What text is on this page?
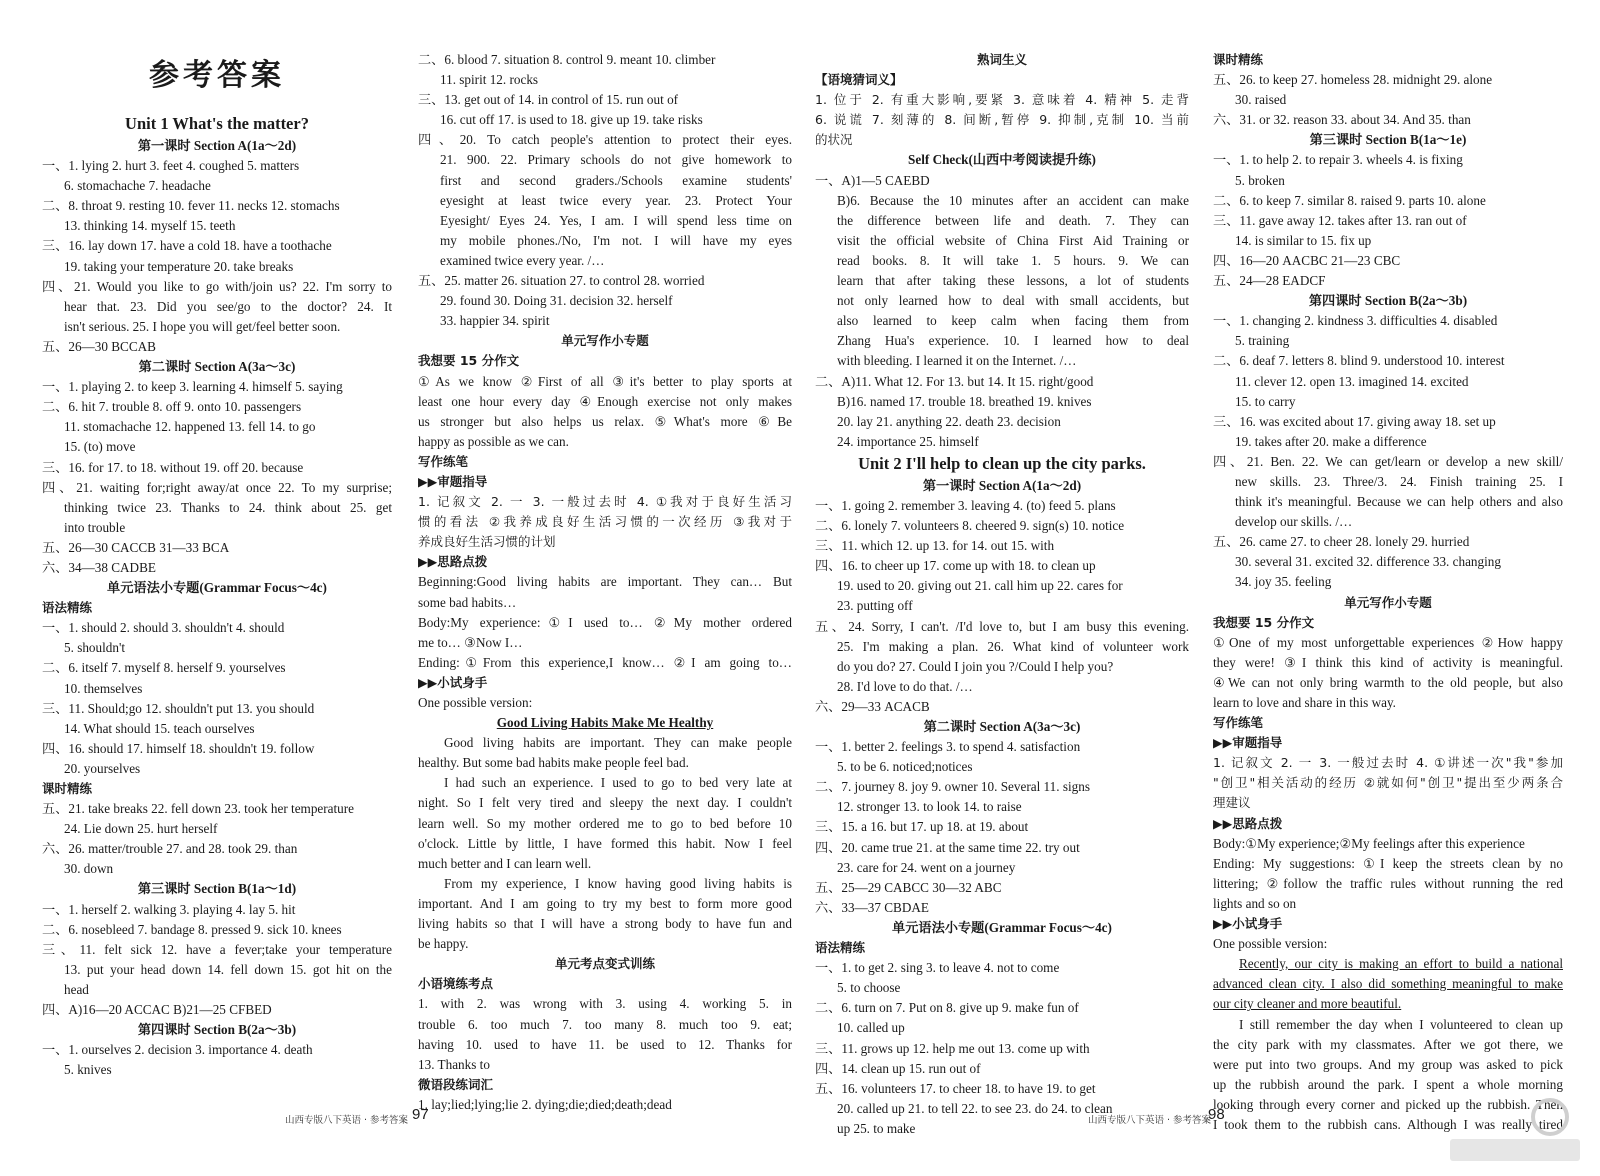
参考答案
Unit 1 What's the matter?
第一课时 Section A(1a～2d)
一、1. lying 2. hurt 3. feet 4. coughed 5. matters
6. stomachache 7. headache
二、8. throat 9. resting 10. fever 11. necks 12. stomachs
13. thinking 14. myself 15. teeth
三、16. lay down 17. have a cold 18. have a toothache
19. taking your temperature 20. take breaks
四、21. Would you like to go with/join us? 22. I'm sorry to
hear that. 23. Did you see/go to the doctor? 24. It
isn't serious. 25. I hope you will get/feel better soon.
五、26—30 BCCAB
第二课时 Section A(3a～3c)
一、1. playing 2. to keep 3. learning 4. himself 5. saying
二、6. hit 7. trouble 8. off 9. onto 10. passengers
11. stomachache 12. happened 13. fell 14. to go
15. (to) move
三、16. for 17. to 18. without 19. off 20. because
四、21. waiting for;right away/at once 22. To my surprise;
thinking twice 23. Thanks to 24. think about 25. get
into trouble
五、26—30 CACCB 31—33 BCA
六、34—38 CADBE
单元语法小专题(Grammar Focus～4c)
语法精练
一、1. should 2. should 3. shouldn't 4. should
5. shouldn't
二、6. itself 7. myself 8. herself 9. yourselves
10. themselves
三、11. Should;go 12. shouldn't put 13. you should
14. What should 15. teach ourselves
四、16. should 17. himself 18. shouldn't 19. follow
20. yourselves
课时精练
五、21. take breaks 22. fell down 23. took her temperature
24. Lie down 25. hurt herself
六、26. matter/trouble 27. and 28. took 29. than
30. down
第三课时 Section B(1a～1d)
一、1. herself 2. walking 3. playing 4. lay 5. hit
二、6. nosebleed 7. bandage 8. pressed 9. sick 10. knees
三、11. felt sick 12. have a fever;take your temperature
13. put your head down 14. fell down 15. got hit on the
head
四、A)16—20 ACCAC B)21—25 CFBED
第四课时 Section B(2a～3b)
一、1. ourselves 2. decision 3. importance 4. death
5. knives
二、6. blood 7. situation 8. control 9. meant 10. climber
11. spirit 12. rocks
三、13. get out of 14. in control of 15. run out of
16. cut off 17. is used to 18. give up 19. take risks
四、20. To catch people's attention to protect their eyes.
21. 900. 22. Primary schools do not give homework to
first and second graders./Schools examine students'
eyesight at least twice every year. 23. Protect Your
Eyesight/ Eyes 24. Yes, I am. I will spend less time on
my mobile phones./No, I'm not. I will have my eyes
examined twice every year. /…
五、25. matter 26. situation 27. to control 28. worried
29. found 30. Doing 31. decision 32. herself
33. happier 34. spirit
单元写作小专题
我想要 15 分作文
①As we know ②First of all ③it's better to play sports at
least one hour every day ④Enough exercise not only makes
us stronger but also helps us relax. ⑤What's more ⑥Be
happy as possible as we can.
写作练笔
▶▶审题指导
1. 记叙文 2. 一 3. 一般过去时 4. ①我对于良好生活习
惯的看法 ②我养成良好生活习惯的一次经历 ③我对于
养成良好生活习惯的计划
▶▶思路点拨
Beginning:Good living habits are important. They can… But
some bad habits…
Body:My experience:①I used to… ②My mother ordered
me to… ③Now I…
Ending:①From this experience,I know… ②I am going to…
▶▶小试身手
One possible version:
Good Living Habits Make Me Healthy
Good living habits are important. They can make people
healthy. But some bad habits make people feel bad.
I had such an experience. I used to go to bed very late at
night. So I felt very tired and sleepy the next day. I couldn't
learn well. So my mother ordered me to go to bed before 10
o'clock. Little by little, I have formed this habit. Now I feel
much better and I can learn well.
From my experience, I know having good living habits is
important. And I am going to try my best to form more good
living habits so that I will have a strong body to have fun and
be happy.
单元考点变式训练
小语境练考点
1. with 2. was wrong with 3. using 4. working 5. in
trouble 6. too much 7. too many 8. much too 9. eat;
having 10. used to have 11. be used to 12. Thanks for
13. Thanks to
微语段练词汇
1. lay;lied;lying;lie 2. dying;die;died;death;dead
熟词生义
【语境猜词义】
1. 位于 2. 有重大影响,要紧 3. 意味着 4. 精神 5. 走背
6. 说谎 7. 刻薄的 8. 间断,暂停 9. 抑制,克制 10. 当前
的状况
Self Check(山西中考阅读提升练)
一、A)1—5 CAEBD
B)6. Because the 10 minutes after an accident can make
the difference between life and death. 7. They can
visit the official website of China First Aid Training or
read books. 8. It will take 1. 5 hours. 9. We can
learn that after taking these lessons, a lot of students
not only learned how to deal with small accidents, but
also learned to keep calm when facing them from
Zhang Hua's experience. 10. I learned how to deal
with bleeding. I learned it on the Internet. /…
二、A)11. What 12. For 13. but 14. It 15. right/good
B)16. named 17. trouble 18. breathed 19. knives
20. lay 21. anything 22. death 23. decision
24. importance 25. himself
Unit 2 I'll help to clean up the city parks.
第一课时 Section A(1a～2d)
一、1. going 2. remember 3. leaving 4. (to) feed 5. plans
二、6. lonely 7. volunteers 8. cheered 9. sign(s) 10. notice
三、11. which 12. up 13. for 14. out 15. with
四、16. to cheer up 17. come up with 18. to clean up
19. used to 20. giving out 21. call him up 22. cares for
23. putting off
五、24. Sorry, I can't. /I'd love to, but I am busy this evening.
25. I'm making a plan. 26. What kind of volunteer work
do you do? 27. Could I join you ?/Could I help you?
28. I'd love to do that. /…
六、29—33 ACACB
第二课时 Section A(3a～3c)
一、1. better 2. feelings 3. to spend 4. satisfaction
5. to be 6. noticed;notices
二、7. journey 8. joy 9. owner 10. Several 11. signs
12. stronger 13. to look 14. to raise
三、15. a 16. but 17. up 18. at 19. about
四、20. came true 21. at the same time 22. try out
23. care for 24. went on a journey
五、25—29 CABCC 30—32 ABC
六、33—37 CBDAE
单元语法小专题(Grammar Focus～4c)
语法精练
一、1. to get 2. sing 3. to leave 4. not to come
5. to choose
二、6. turn on 7. Put on 8. give up 9. make fun of
10. called up
三、11. grows up 12. help me out 13. come up with
四、14. clean up 15. run out of
五、16. volunteers 17. to cheer 18. to have 19. to get
20. called up 21. to tell 22. to see 23. do 24. to clean
up 25. to make
课时精练
五、26. to keep 27. homeless 28. midnight 29. alone
30. raised
六、31. or 32. reason 33. about 34. And 35. than
第三课时 Section B(1a～1e)
一、1. to help 2. to repair 3. wheels 4. is fixing
5. broken
二、6. to keep 7. similar 8. raised 9. parts 10. alone
三、11. gave away 12. takes after 13. ran out of
14. is similar to 15. fix up
四、16—20 AACBC 21—23 CBC
五、24—28 EADCF
第四课时 Section B(2a～3b)
一、1. changing 2. kindness 3. difficulties 4. disabled
5. training
二、6. deaf 7. letters 8. blind 9. understood 10. interest
11. clever 12. open 13. imagined 14. excited
15. to carry
三、16. was excited about 17. giving away 18. set up
19. takes after 20. make a difference
四、21. Ben. 22. We can get/learn or develop a new skill/
new skills. 23. Three/3. 24. Finish training 25. I
think it's meaningful. Because we can help others and also
develop our skills. /…
五、26. came 27. to cheer 28. lonely 29. hurried
30. several 31. excited 32. difference 33. changing
34. joy 35. feeling
单元写作小专题
我想要 15 分作文
①One of my most unforgettable experiences ②How happy
they were! ③I think this kind of activity is meaningful.
④We can not only bring warmth to the old people, but also
learn to love and share in this way.
写作练笔
▶▶审题指导
1. 记叙文 2. 一 3. 一般过去时 4. ①讲述一次"我"参加
"创卫"相关活动的经历 ②就如何"创卫"提出至少两条合
理建议
▶▶思路点拨
Body:①My experience;②My feelings after this experience
Ending: My suggestions: ①I keep the streets clean by no
littering; ②follow the traffic rules without running the red
lights and so on
▶▶小试身手
One possible version:
Recently, our city is making an effort to build a national
advanced clean city. I also did something meaningful to make
our city cleaner and more beautiful.
I still remember the day when I volunteered to clean up
the city park with my classmates. After we got there, we
were put into two groups. And my group was asked to pick
up the rubbish around the park. I spent a whole morning
looking through every corner and picked up the rubbish. Then
I took them to the rubbish cans. Although I was really tired
山西专版八下英语 · 参考答案 97	山西专版八下英语 · 参考答案
98
